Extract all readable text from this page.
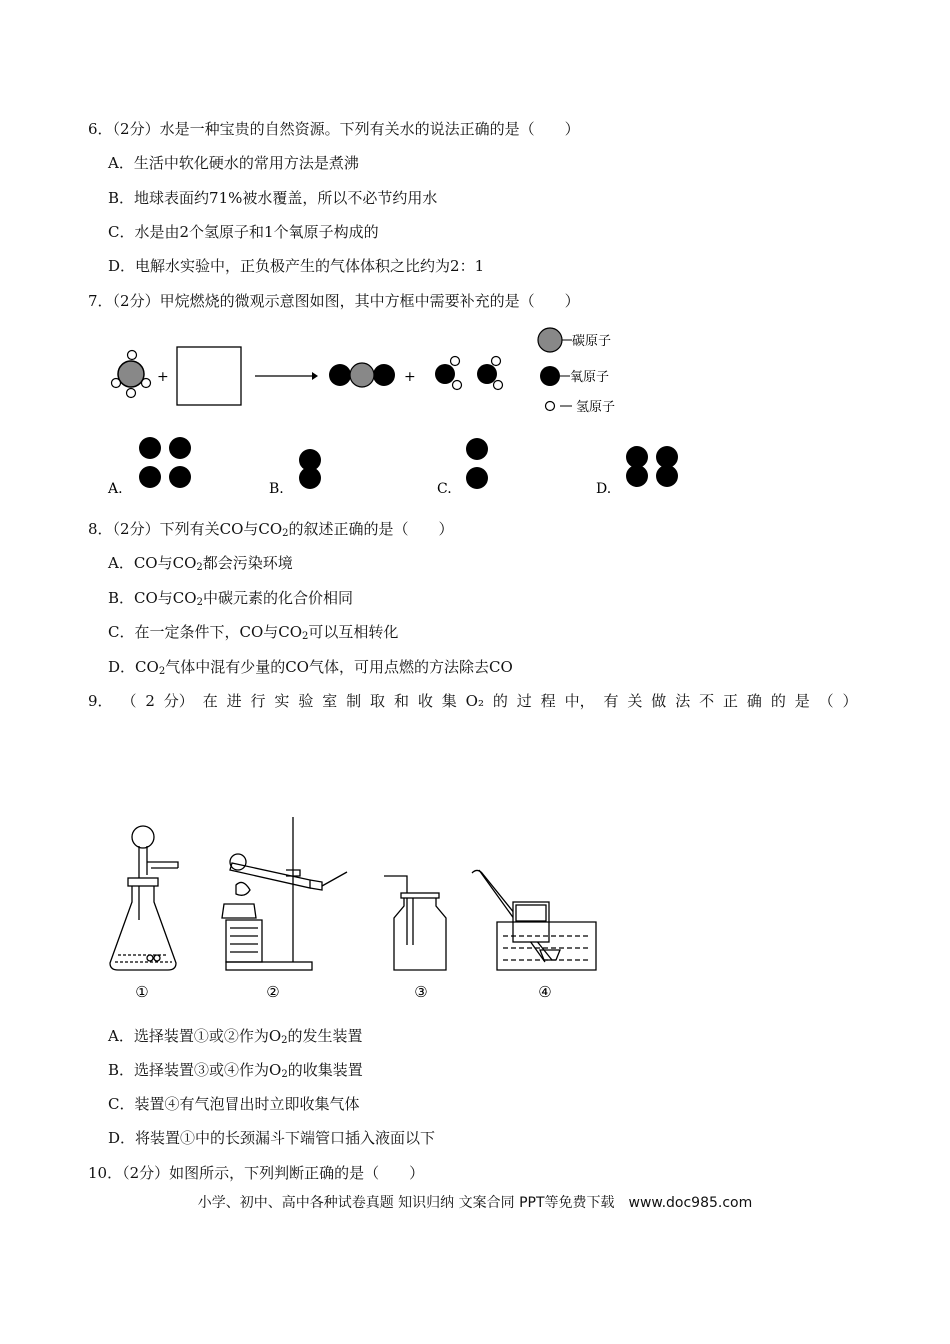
6．（2分）水是一种宝贵的自然资源。下列有关水的说法正确的是（　　）
A．生活中软化硬水的常用方法是煮沸
B．地球表面约71%被水覆盖，所以不必节约用水
C．水是由2个氢原子和1个氧原子构成的
D．电解水实验中，正负极产生的气体体积之比约为2：1
7．（2分）甲烷燃烧的微观示意图如图，其中方框中需要补充的是（　　）
+	+
碳原子
氧原子
氢原子
A.	B.	C.	D.
①	②	③	④
8．（2分）下列有关CO与CO2的叙述正确的是（　　）
A．CO与CO2都会污染环境
B．CO与CO2中碳元素的化合价相同
C．在一定条件下，CO与CO2可以互相转化
D．CO2气体中混有少量的CO气体，可用点燃的方法除去CO
9． （ 2 分） 在 进 行 实 验 室 制 取 和 收 集 O₂ 的 过 程 中， 有 关 做 法 不 正 确 的 是 （ ）
A．选择装置①或②作为O2的发生装置
B．选择装置③或④作为O2的收集装置
C．装置④有气泡冒出时立即收集气体
D．将装置①中的长颈漏斗下端管口插入液面以下
10．（2分）如图所示，下列判断正确的是（　　）
小学、初中、高中各种试卷真题 知识归纳 文案合同 PPT等免费下载　www.doc985.com
